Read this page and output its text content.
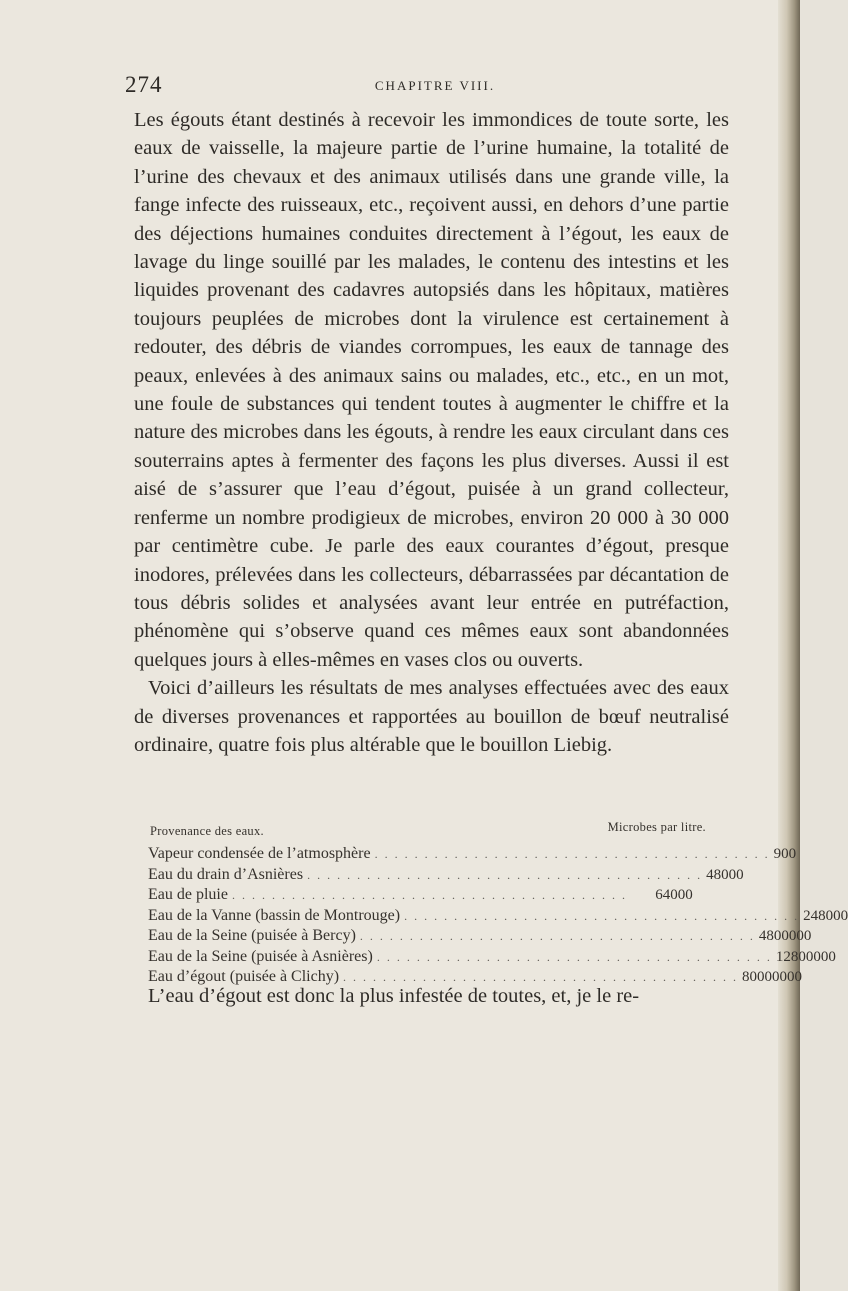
274	CHAPITRE VIII.

Les égouts étant destinés à recevoir les immondices de toute sorte, les eaux de vaisselle, la majeure partie de l’urine humaine, la totalité de l’urine des chevaux et des animaux utilisés dans une grande ville, la fange infecte des ruisseaux, etc., reçoivent aussi, en dehors d’une partie des déjections humaines conduites directement à l’égout, les eaux de lavage du linge souillé par les malades, le contenu des intestins et les liquides provenant des cadavres autopsiés dans les hôpitaux, matières toujours peuplées de microbes dont la virulence est certainement à redouter, des débris de viandes corrompues, les eaux de tannage des peaux, enlevées à des animaux sains ou malades, etc., etc., en un mot, une foule de substances qui tendent toutes à augmenter le chiffre et la nature des microbes dans les égouts, à rendre les eaux circulant dans ces souterrains aptes à fermenter des façons les plus diverses. Aussi il est aisé de s’assurer que l’eau d’égout, puisée à un grand collecteur, renferme un nombre prodigieux de microbes, environ 20 000 à 30 000 par centimètre cube. Je parle des eaux courantes d’égout, presque inodores, prélevées dans les collecteurs, débarrassées par décantation de tous débris solides et analysées avant leur entrée en putréfaction, phénomène qui s’observe quand ces mêmes eaux sont abandonnées quelques jours à elles-mêmes en vases clos ou ouverts.

Voici d’ailleurs les résultats de mes analyses effectuées avec des eaux de diverses provenances et rapportées au bouillon de bœuf neutralisé ordinaire, quatre fois plus altérable que le bouillon Liebig.

Provenance des eaux.	Microbes par litre.
Vapeur condensée de l’atmosphère . . . . . . . . . . . . . . . . . . . . . . . . . . . . . . . . . . . . . . . . 900
Eau du drain d’Asnières . . . . . . . . . . . . . . . . . . . . . . . . . . . . . . . . . . . . . . . . 48000
Eau de pluie . . . . . . . . . . . . . . . . . . . . . . . . . . . . . . . . . . . . . . . .	64000
Eau de la Vanne (bassin de Montrouge) . . . . . . . . . . . . . . . . . . . . . . . . . . . . . . . . . . . . . . . . 248000
Eau de la Seine (puisée à Bercy) . . . . . . . . . . . . . . . . . . . . . . . . . . . . . . . . . . . . . . . . 4800000
Eau de la Seine (puisée à Asnières) . . . . . . . . . . . . . . . . . . . . . . . . . . . . . . . . . . . . . . . . 12800000
Eau d’égout (puisée à Clichy) . . . . . . . . . . . . . . . . . . . . . . . . . . . . . . . . . . . . . . . . 80000000
L’eau d’égout est donc la plus infestée de toutes, et, je le re-
